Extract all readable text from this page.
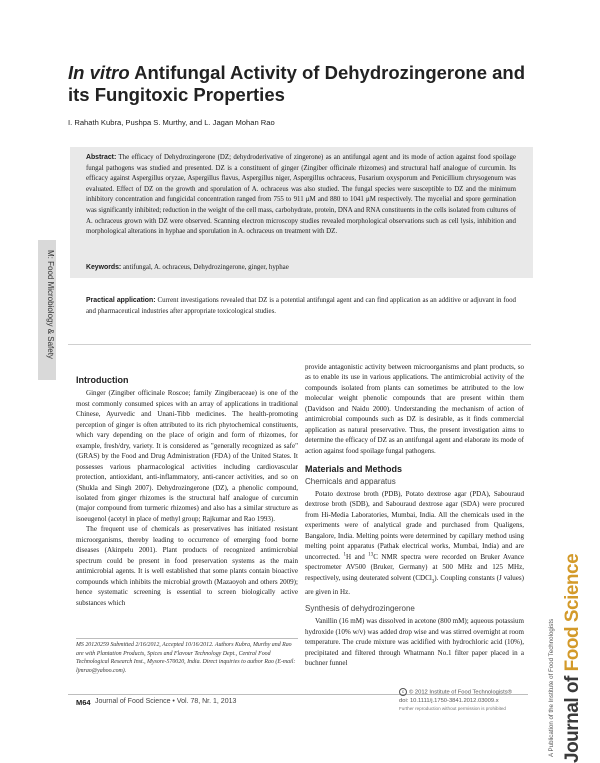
In vitro Antifungal Activity of Dehydrozingerone and its Fungitoxic Properties
I. Rahath Kubra, Pushpa S. Murthy, and L. Jagan Mohan Rao
Abstract: The efficacy of Dehydrozingerone (DZ; dehydroderivative of zingerone) as an antifungal agent and its mode of action against food spoilage fungal pathogens was studied and presented. DZ is a constituent of ginger (Zingiber officinale rhizomes) and structural half analogue of curcumin. Its efficacy against Aspergillus oryzae, Aspergillus flavus, Aspergillus niger, Aspergillus ochraceus, Fusarium oxysporum and Penicillium chrysogenum was evaluated. Effect of DZ on the growth and sporulation of A. ochraceus was also studied. The fungal species were susceptible to DZ and the minimum inhibitory concentration and fungicidal concentration ranged from 755 to 911 μM and 880 to 1041 μM respectively. The mycelial and spore germination was significantly inhibited; reduction in the weight of the cell mass, carbohydrate, protein, DNA and RNA constituents in the cells isolated from cultures of A. ochraceus grown with DZ were observed. Scanning electron microscopy studies revealed morphological observations such as cell lysis, inhibition and morphological alterations in hyphae and sporulation in A. ochraceus on treatment with DZ.
Keywords: antifungal, A. ochraceus, Dehydrozingerone, ginger, hyphae
Practical application: Current investigations revealed that DZ is a potential antifungal agent and can find application as an additive or adjuvant in food and pharmaceutical industries after appropriate toxicological studies.
M: Food Microbiology & Safety
Introduction

Ginger (Zingiber officinale Roscoe; family Zingiberaceae) is one of the most commonly consumed spices with an array of applications in traditional Chinese, Ayurvedic and Unani-Tibb medicines. The health-promoting perception of ginger is often attributed to its rich phytochemical constituents, which vary depending on the place of origin and form of rhizomes, for example, fresh/dry, variety. It is considered as "generally recognized as safe" (GRAS) by the Food and Drug Administration (FDA) of the United States. It possesses various pharmacological activities including cardiovascular protection, antioxidant, anti-inflammatory, anti-cancer activities, and so on (Shukla and Singh 2007). Dehydrozingerone (DZ), a phenolic compound, isolated from ginger rhizomes is the structural half analogue of curcumin (major compound from turmeric rhizomes) and also has a similar structure as isoeugenol (acetyl in place of methyl group; Rajkumar and Rao 1993).

The frequent use of chemicals as preservatives has initiated resistant microorganisms, thereby leading to occurrence of emerging food borne diseases (Akinpelu 2001). Plant products of recognized antimicrobial spectrum could be present in food preservation systems as the main antimicrobial agents. It is well established that some plants contain bioactive compounds which inhibits the microbial growth (Mazaoyoh and others 2009); hence systematic screening is essential to screen biologically active substances which

MS 20120259 Submitted 2/16/2012, Accepted 10/16/2012. Authors Kubra, Murthy and Rao are with Plantation Products, Spices and Flavour Technology Dept., Central Food Technological Research Inst., Mysore-570020, India. Direct inquiries to author Rao (E-mail: ljmrao@yahoo.com).

provide antagonistic activity between microorganisms and plant products, so as to enable its use in various applications. The antimicrobial activity of the compounds isolated from plants can sometimes be attributed to the low molecular weight phenolic compounds that are present within them (Davidson and Naidu 2000). Understanding the mechanism of action of antimicrobial compounds such as DZ is desirable, as it finds commercial application as natural preservative. Thus, the present investigation aims to determine the efficacy of DZ as an antifungal agent and elaborate its mode of action against food spoilage fungal pathogens.

Materials and Methods
Chemicals and apparatus

Potato dextrose broth (PDB), Potato dextrose agar (PDA), Sabouraud dextrose broth (SDB), and Sabouraud dextrose agar (SDA) were procured from Hi-Media Laboratories, Mumbai, India. All the chemicals used in the experiments were of analytical grade and purchased from Qualigens, Bangalore, India. Melting points were determined by capillary method using melting point apparatus (Pathak electrical works, Mumbai, India) and are uncorrected. $^1$H and $^{13}$C NMR spectra were recorded on Bruker Avance spectrometer AV500 (Bruker, Germany) at 500 MHz and 125 MHz, respectively, using deuterated solvent (CDCl$_3$). Coupling constants (J values) are given in Hz.

Synthesis of dehydrozingerone

Vanillin (16 mM) was dissolved in acetone (800 mM); aqueous potassium hydroxide (10% w/v) was added drop wise and was stirred overnight at room temperature. The crude mixture was acidified with hydrochloric acid (10%), precipitated and filtered through Whatmann No.1 filter paper placed in a buchner funnel

M64 Journal of Food Science • Vol. 78, Nr. 1, 2013
c © 2012 Institute of Food Technologists®
doi: 10.1111/j.1750-3841.2012.03009.x
Further reproduction without permission is prohibited	Journal of Food Science
A Publication of the Institute of Food Technologists
